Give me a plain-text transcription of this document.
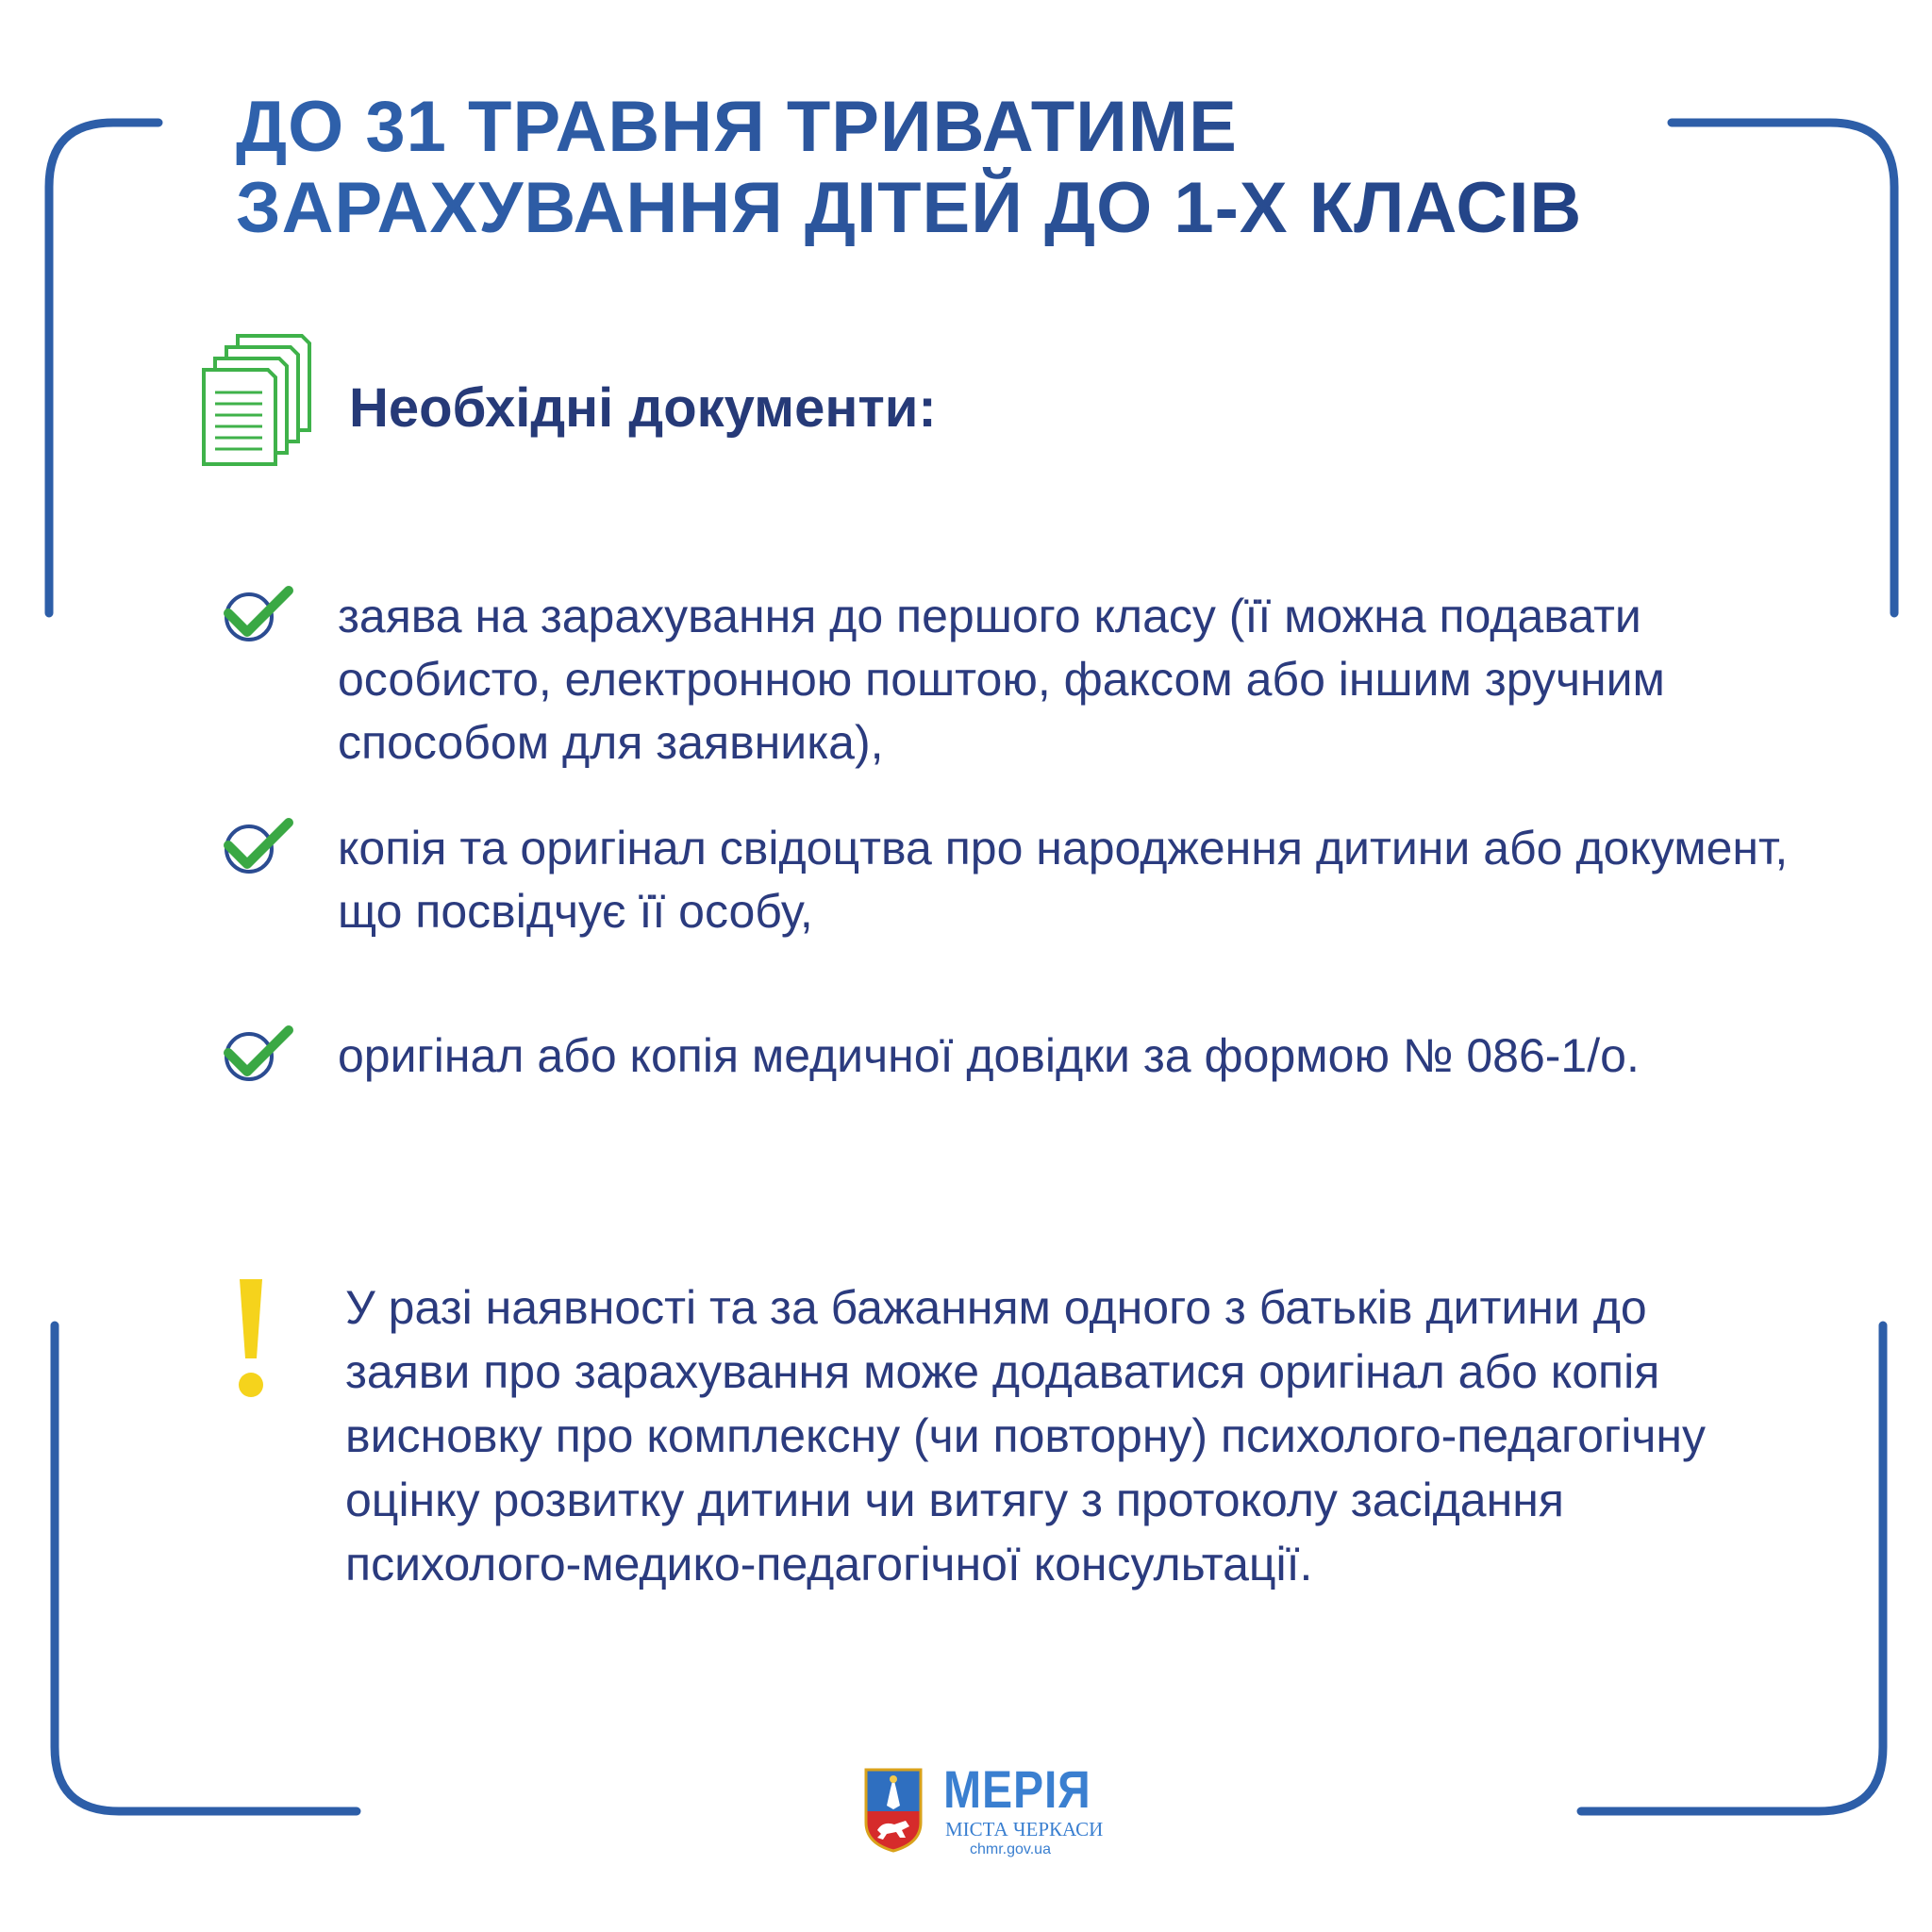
ДО 31 ТРАВНЯ ТРИВАТИМЕ
ЗАРАХУВАННЯ ДІТЕЙ ДО 1-Х КЛАСІВ
Необхідні документи:

заява на зарахування до першого класу (її можна подавати особисто, електронною поштою, факсом або іншим зручним способом для заявника),

копія та оригінал свідоцтва про народження дитини або документ, що посвідчує її особу,

оригінал або копія медичної довідки за формою № 086-1/о.

У разі наявності та за бажанням одного з батьків дитини до заяви про зарахування може додаватися оригінал або копія висновку про комплексну (чи повторну) психолого-педагогічну оцінку розвитку дитини чи витягу з протоколу засідання психолого-медико-педагогічної консультації.

МЕРІЯ

МІСТА ЧЕРКАСИ

chmr.gov.ua
